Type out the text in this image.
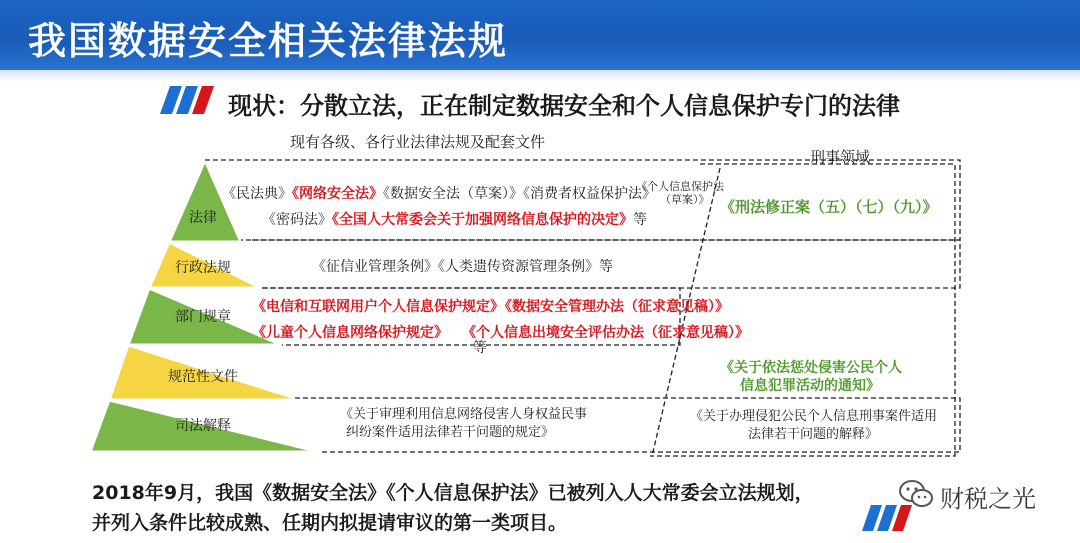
我国数据安全相关法律法规
现状：分散立法，正在制定数据安全和个人信息保护专门的法律
现有各级、各行业法律法规及配套文件
刑事领域
法律
行政法规
部门规章
规范性文件
司法解释
《民法典》《网络安全法》《数据安全法（草案）》《消费者权益保护法》
《个人信息保护法
（草案）》
《密码法》《全国人大常委会关于加强网络信息保护的决定》等
《刑法修正案（五）（七）（九）》
《征信业管理条例》《人类遗传资源管理条例》等
《电信和互联网用户个人信息保护规定》
《数据安全管理办法（征求意见稿）》
《儿童个人信息网络保护规定》 《个人信息出境安全评估办法（征求意见稿）》
等
《关于依法惩处侵害公民个人
信息犯罪活动的通知》
《关于审理利用信息网络侵害人身权益民事
纠纷案件适用法律若干问题的规定》
《关于办理侵犯公民个人信息刑事案件适用
法律若干问题的解释》
2018年9月，我国《数据安全法》《个人信息保护法》已被列入人大常委会立法规划，
并列入条件比较成熟、任期内拟提请审议的第一类项目。
财税之光
